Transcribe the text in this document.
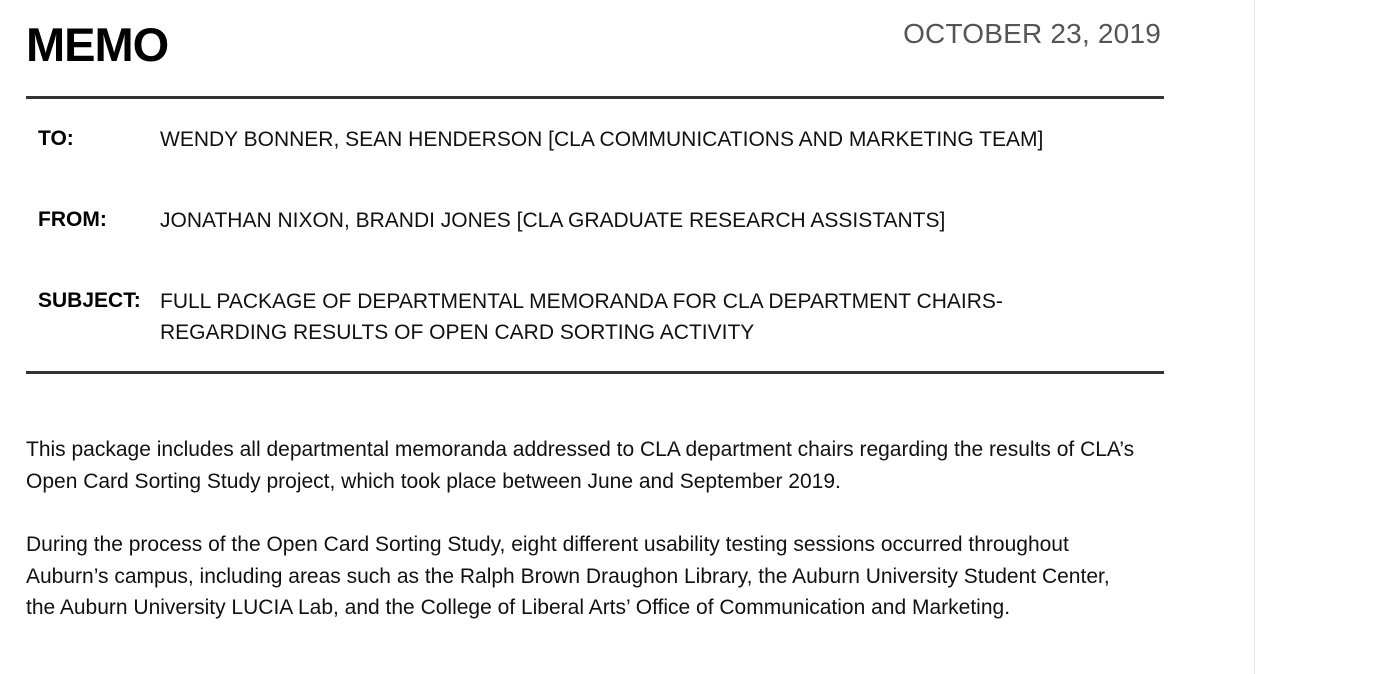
MEMO	OCTOBER 23, 2019
TO:	WENDY BONNER, SEAN HENDERSON [CLA COMMUNICATIONS AND MARKETING TEAM]
FROM:	JONATHAN NIXON, BRANDI JONES [CLA GRADUATE RESEARCH ASSISTANTS]
SUBJECT: FULL PACKAGE OF DEPARTMENTAL MEMORANDA FOR CLA DEPARTMENT CHAIRS-
REGARDING RESULTS OF OPEN CARD SORTING ACTIVITY

This package includes all departmental memoranda addressed to CLA department chairs regarding the results of CLA’s Open Card Sorting Study project, which took place between June and September 2019.

During the process of the Open Card Sorting Study, eight different usability testing sessions occurred throughout Auburn’s campus, including areas such as the Ralph Brown Draughon Library, the Auburn University Student Center, the Auburn University LUCIA Lab, and the College of Liberal Arts’ Office of Communication and Marketing.
